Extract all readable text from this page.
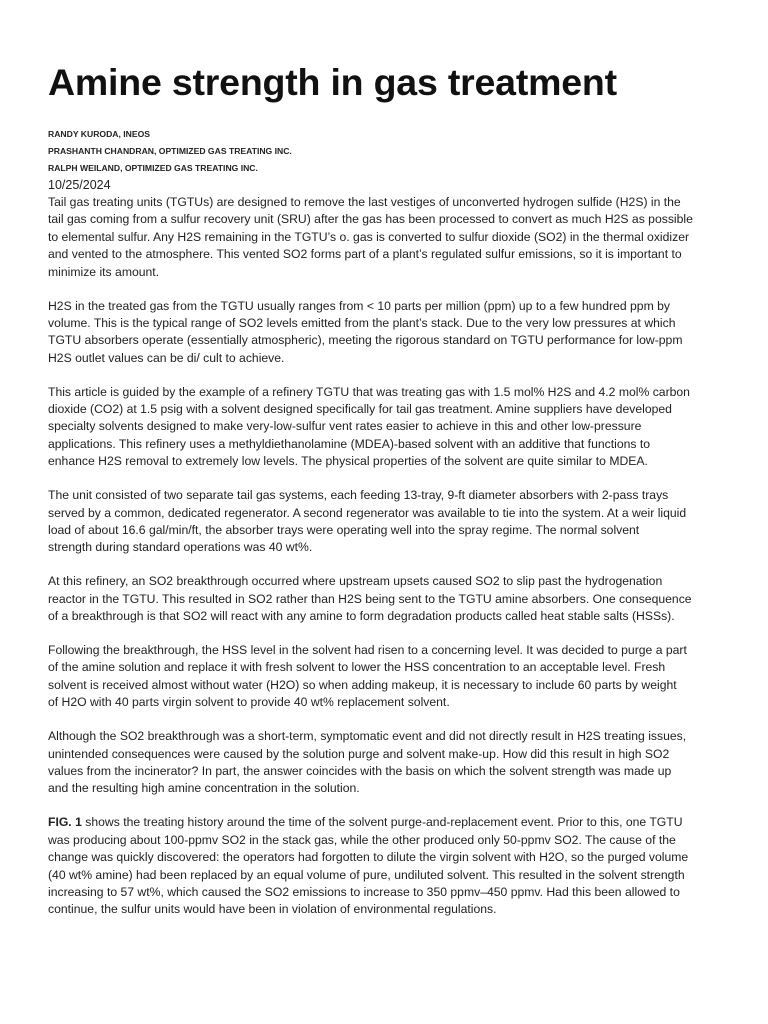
Amine strength in gas treatment
RANDY KURODA, INEOS
PRASHANTH CHANDRAN, OPTIMIZED GAS TREATING INC.
RALPH WEILAND, OPTIMIZED GAS TREATING INC.
10/25/2024

Tail gas treating units (TGTUs) are designed to remove the last vestiges of unconverted hydrogen sulfide (H2S) in the
tail gas coming from a sulfur recovery unit (SRU) after the gas has been processed to convert as much H2S as possible
to elemental sulfur. Any H2S remaining in the TGTU’s o. gas is converted to sulfur dioxide (SO2) in the thermal oxidizer
and vented to the atmosphere. This vented SO2 forms part of a plant’s regulated sulfur emissions, so it is important to
minimize its amount.

H2S in the treated gas from the TGTU usually ranges from < 10 parts per million (ppm) up to a few hundred ppm by
volume. This is the typical range of SO2 levels emitted from the plant’s stack. Due to the very low pressures at which
TGTU absorbers operate (essentially atmospheric), meeting the rigorous standard on TGTU performance for low-ppm
H2S outlet values can be di/ cult to achieve.

This article is guided by the example of a refinery TGTU that was treating gas with 1.5 mol% H2S and 4.2 mol% carbon
dioxide (CO2) at 1.5 psig with a solvent designed specifically for tail gas treatment. Amine suppliers have developed
specialty solvents designed to make very-low-sulfur vent rates easier to achieve in this and other low-pressure
applications. This refinery uses a methyldiethanolamine (MDEA)-based solvent with an additive that functions to
enhance H2S removal to extremely low levels. The physical properties of the solvent are quite similar to MDEA.

The unit consisted of two separate tail gas systems, each feeding 13-tray, 9-ft diameter absorbers with 2-pass trays
served by a common, dedicated regenerator. A second regenerator was available to tie into the system. At a weir liquid
load of about 16.6 gal/min/ft, the absorber trays were operating well into the spray regime. The normal solvent
strength during standard operations was 40 wt%.

At this refinery, an SO2 breakthrough occurred where upstream upsets caused SO2 to slip past the hydrogenation
reactor in the TGTU. This resulted in SO2 rather than H2S being sent to the TGTU amine absorbers. One consequence
of a breakthrough is that SO2 will react with any amine to form degradation products called heat stable salts (HSSs).

Following the breakthrough, the HSS level in the solvent had risen to a concerning level. It was decided to purge a part
of the amine solution and replace it with fresh solvent to lower the HSS concentration to an acceptable level. Fresh
solvent is received almost without water (H2O) so when adding makeup, it is necessary to include 60 parts by weight
of H2O with 40 parts virgin solvent to provide 40 wt% replacement solvent.

Although the SO2 breakthrough was a short-term, symptomatic event and did not directly result in H2S treating issues,
unintended consequences were caused by the solution purge and solvent make-up. How did this result in high SO2
values from the incinerator? In part, the answer coincides with the basis on which the solvent strength was made up
and the resulting high amine concentration in the solution.

FIG. 1 shows the treating history around the time of the solvent purge-and-replacement event. Prior to this, one TGTU
was producing about 100-ppmv SO2 in the stack gas, while the other produced only 50-ppmv SO2. The cause of the
change was quickly discovered: the operators had forgotten to dilute the virgin solvent with H2O, so the purged volume
(40 wt% amine) had been replaced by an equal volume of pure, undiluted solvent. This resulted in the solvent strength
increasing to 57 wt%, which caused the SO2 emissions to increase to 350 ppmv–450 ppmv. Had this been allowed to
continue, the sulfur units would have been in violation of environmental regulations.
